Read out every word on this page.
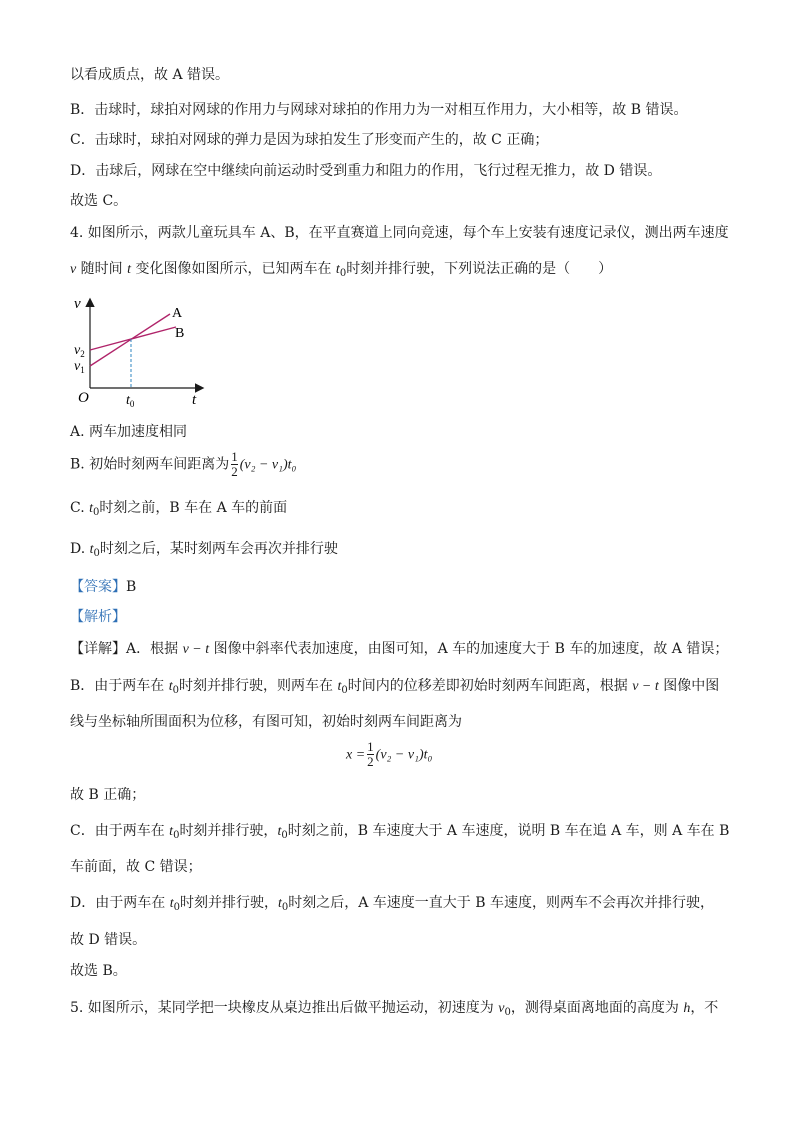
以看成质点，故 A 错误。
B．击球时，球拍对网球的作用力与网球对球拍的作用力为一对相互作用力，大小相等，故 B 错误。
C．击球时，球拍对网球的弹力是因为球拍发生了形变而产生的，故 C 正确；
D．击球后，网球在空中继续向前运动时受到重力和阻力的作用，飞行过程无推力，故 D 错误。
故选 C。
4. 如图所示，两款儿童玩具车 A、B，在平直赛道上同向竞速，每个车上安装有速度记录仪，测出两车速度
v 随时间 t 变化图像如图所示，已知两车在 $t_0$时刻并排行驶，下列说法正确的是（　　）
v
t
O
A
B
$v_2$
$v_1$
$t_0$
A. 两车加速度相同
B. 初始时刻两车间距离为 $\frac{1}{2} (v_2 - v_1)t_0$
C. $t_0$时刻之前，B 车在 A 车的前面
D. $t_0$时刻之后，某时刻两车会再次并排行驶
【答案】B
【解析】
【详解】A．根据 v − t 图像中斜率代表加速度，由图可知，A 车的加速度大于 B 车的加速度，故 A 错误；
B．由于两车在 $t_0$时刻并排行驶，则两车在 $t_0$时间内的位移差即初始时刻两车间距离，根据 v − t 图像中图
线与坐标轴所围面积为位移，有图可知，初始时刻两车间距离为
$x = \frac{1}{2} (v_2 - v_1)t_0$
故 B 正确；
C．由于两车在 $t_0$时刻并排行驶，$t_0$时刻之前，B 车速度大于 A 车速度，说明 B 车在追 A 车，则 A 车在 B
车前面，故 C 错误；
D．由于两车在 $t_0$时刻并排行驶，$t_0$时刻之后，A 车速度一直大于 B 车速度，则两车不会再次并排行驶，
故 D 错误。
故选 B。
5. 如图所示，某同学把一块橡皮从桌边推出后做平抛运动，初速度为 $v_0$，测得桌面离地面的高度为 h，不
